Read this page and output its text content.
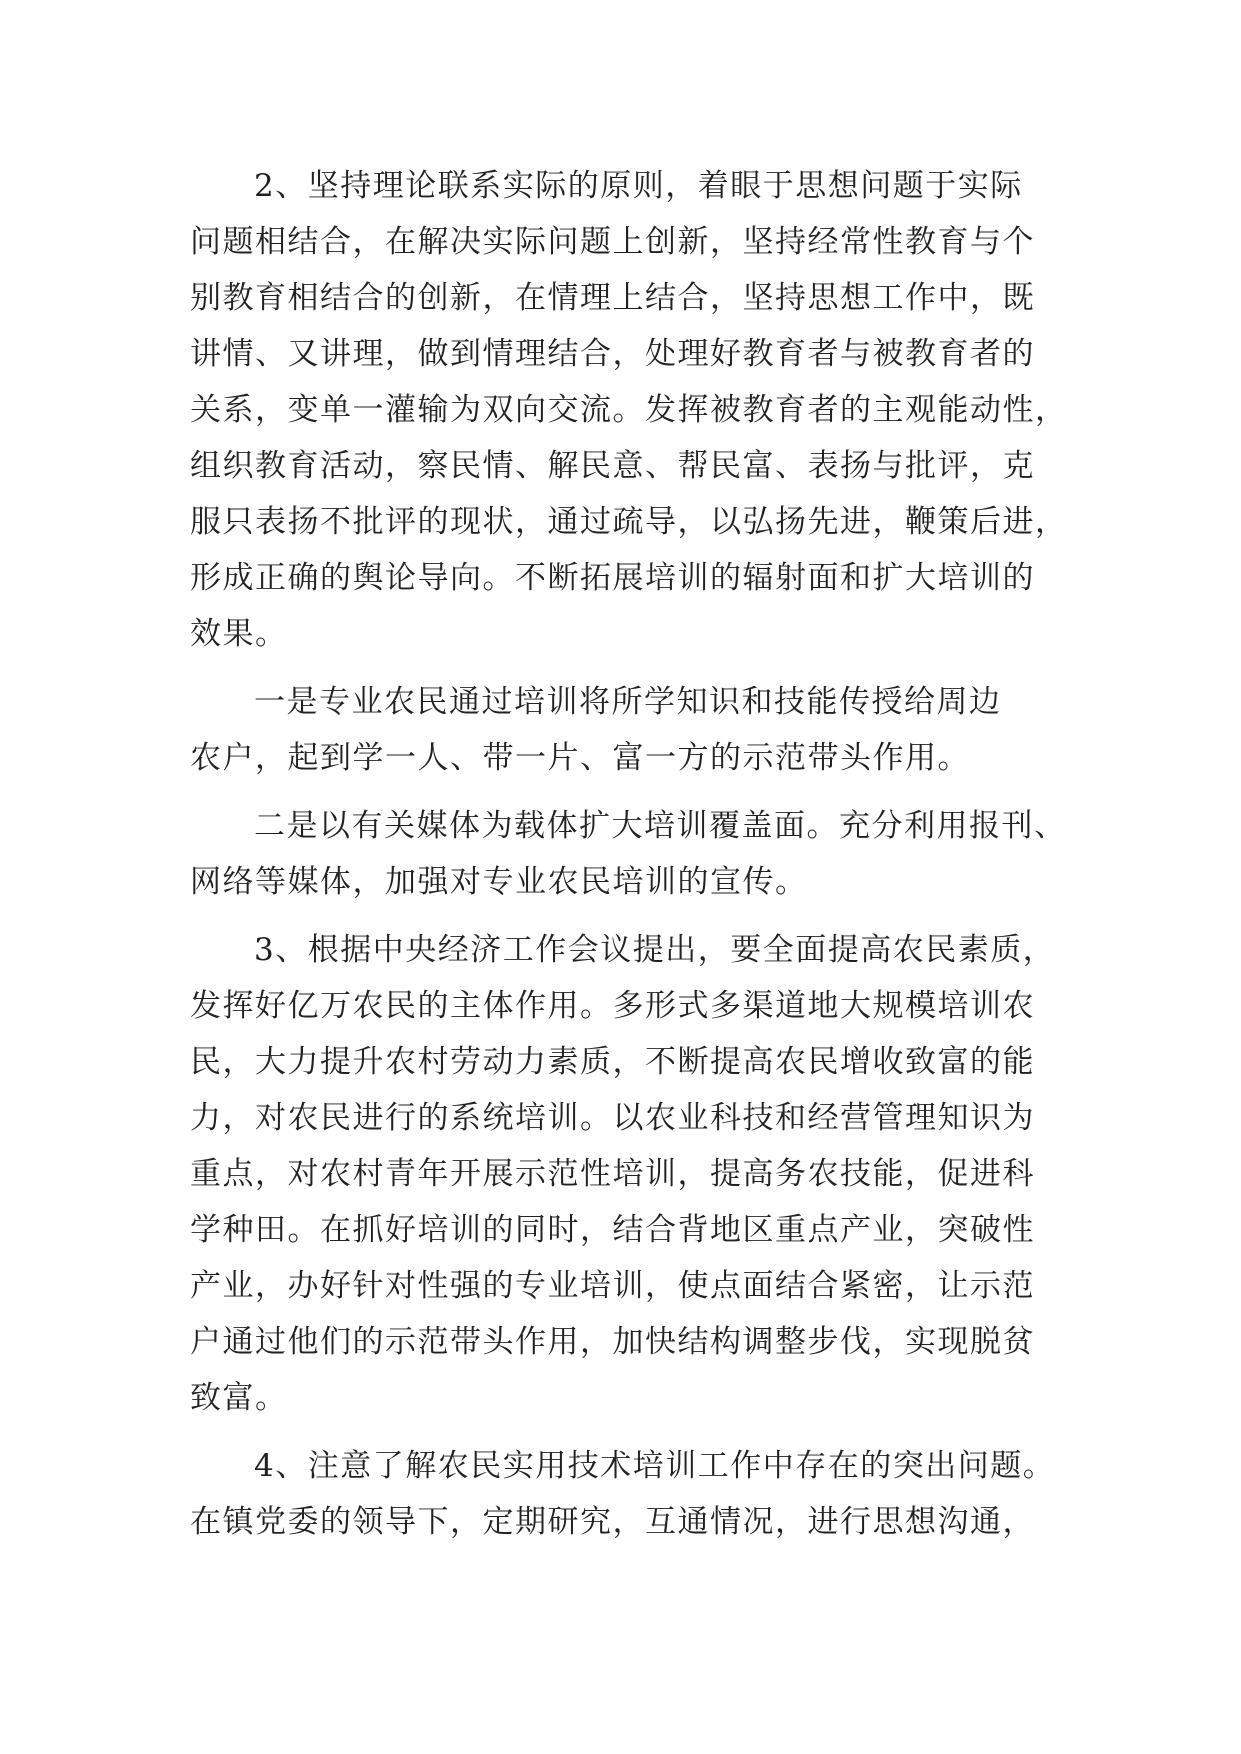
2、坚持理论联系实际的原则，着眼于思想问题于实际
问题相结合，在解决实际问题上创新，坚持经常性教育与个
别教育相结合的创新，在情理上结合，坚持思想工作中，既
讲情、又讲理，做到情理结合，处理好教育者与被教育者的
关系，变单一灌输为双向交流。发挥被教育者的主观能动性，
组织教育活动，察民情、解民意、帮民富、表扬与批评，克
服只表扬不批评的现状，通过疏导，以弘扬先进，鞭策后进，
形成正确的舆论导向。不断拓展培训的辐射面和扩大培训的
效果。

一是专业农民通过培训将所学知识和技能传授给周边
农户，起到学一人、带一片、富一方的示范带头作用。

二是以有关媒体为载体扩大培训覆盖面。充分利用报刊、
网络等媒体，加强对专业农民培训的宣传。

3、根据中央经济工作会议提出，要全面提高农民素质，
发挥好亿万农民的主体作用。多形式多渠道地大规模培训农
民，大力提升农村劳动力素质，不断提高农民增收致富的能
力，对农民进行的系统培训。以农业科技和经营管理知识为
重点，对农村青年开展示范性培训，提高务农技能，促进科
学种田。在抓好培训的同时，结合背地区重点产业，突破性
产业，办好针对性强的专业培训，使点面结合紧密，让示范
户通过他们的示范带头作用，加快结构调整步伐，实现脱贫
致富。

4、注意了解农民实用技术培训工作中存在的突出问题。
在镇党委的领导下，定期研究，互通情况，进行思想沟通，
